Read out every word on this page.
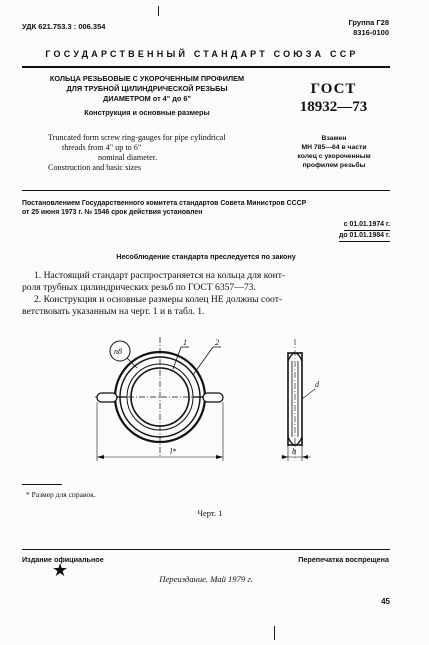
УДК 621.753.3 : 006.354	Группа Г28
8316-0100
ГОСУДАРСТВЕННЫЙ СТАНДАРТ СОЮЗА ССР
КОЛЬЦА РЕЗЬБОВЫЕ С УКОРОЧЕННЫМ ПРОФИЛЕМ
ДЛЯ ТРУБНОЙ ЦИЛИНДРИЧЕСКОЙ РЕЗЬБЫ
ДИАМЕТРОМ от 4" до 6"
Конструкция и основные размеры
Truncated form screw ring-gauges for pipe cylindrical
threads from 4" up to 6"
nominal diameter.
Construction and basic sizes
ГОСТ
18932—73
Взамен
МН 785—64 в части
колец с укороченным
профилем резьбы
Постановлением Государственного комитета стандартов Совета Министров СССР
от 25 июня 1973 г. № 1546 срок действия установлен
с 01.01.1974 г.
до 01.01.1984 г.
Несоблюдение стандарта преследуется по закону
1. Настоящий стандарт распространяется на кольца для конт-
роля трубных цилиндрических резьб по ГОСТ 6357—73.
2. Конструкция и основные размеры колец НЕ должны соот-
ветствовать указанным на черт. 1 и в табл. 1.
n8
1	2
l*
d
b
* Размер для справок.
Черт. 1
Издание официальное	Перепечатка воспрещена
★	Переиздание. Май 1979 г.
45
